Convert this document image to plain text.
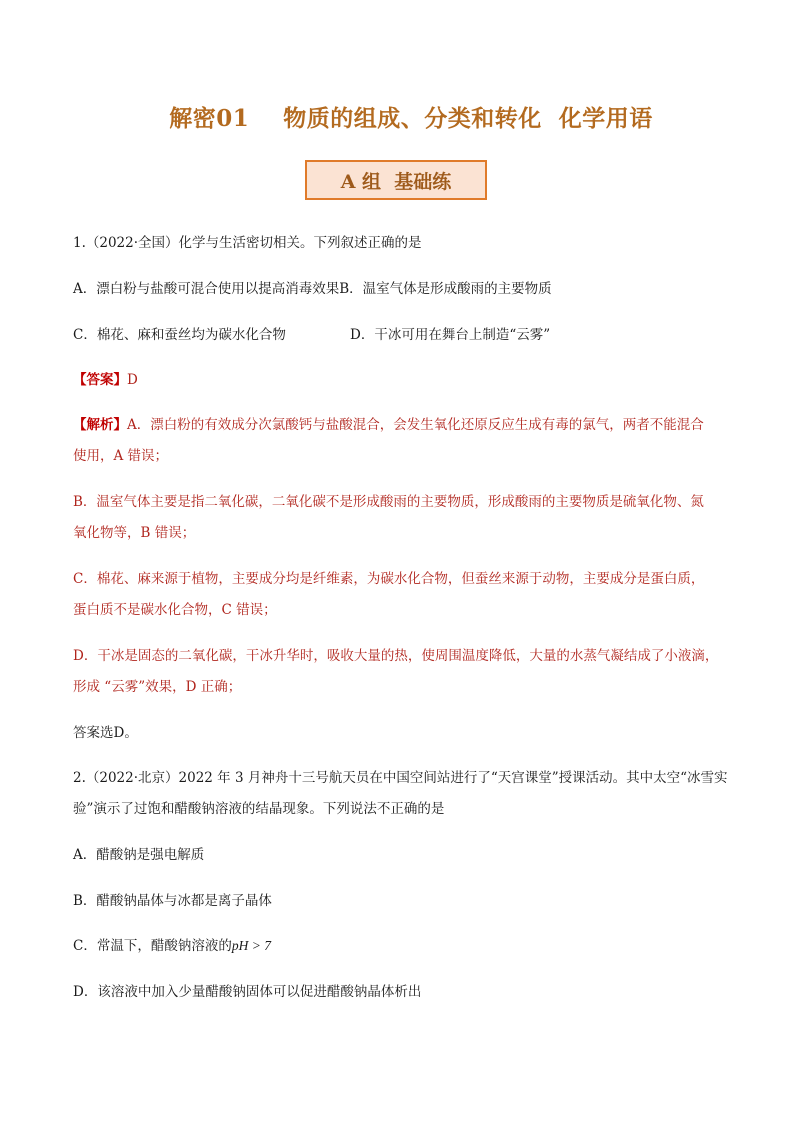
解密01 物质的组成、分类和转化  化学用语
A 组  基础练
1.（2022·全国）化学与生活密切相关。下列叙述正确的是
A．漂白粉与盐酸可混合使用以提高消毒效果B．温室气体是形成酸雨的主要物质
C．棉花、麻和蚕丝均为碳水化合物	D．干冰可用在舞台上制造“云雾”
【答案】D
【解析】A．漂白粉的有效成分次氯酸钙与盐酸混合，会发生氧化还原反应生成有毒的氯气，两者不能混合
使用，A 错误；
B．温室气体主要是指二氧化碳，二氧化碳不是形成酸雨的主要物质，形成酸雨的主要物质是硫氧化物、氮
氧化物等，B 错误；
C．棉花、麻来源于植物，主要成分均是纤维素，为碳水化合物，但蚕丝来源于动物，主要成分是蛋白质，
蛋白质不是碳水化合物，C 错误；
D．干冰是固态的二氧化碳，干冰升华时，吸收大量的热，使周围温度降低，大量的水蒸气凝结成了小液滴，
形成 “云雾”效果，D 正确；
答案选D。
2.（2022·北京）2022 年 3 月神舟十三号航天员在中国空间站进行了“天宫课堂”授课活动。其中太空“冰雪实
验”演示了过饱和醋酸钠溶液的结晶现象。下列说法不正确的是
A．醋酸钠是强电解质
B．醋酸钠晶体与冰都是离子晶体
C．常温下，醋酸钠溶液的pH > 7
D．该溶液中加入少量醋酸钠固体可以促进醋酸钠晶体析出
